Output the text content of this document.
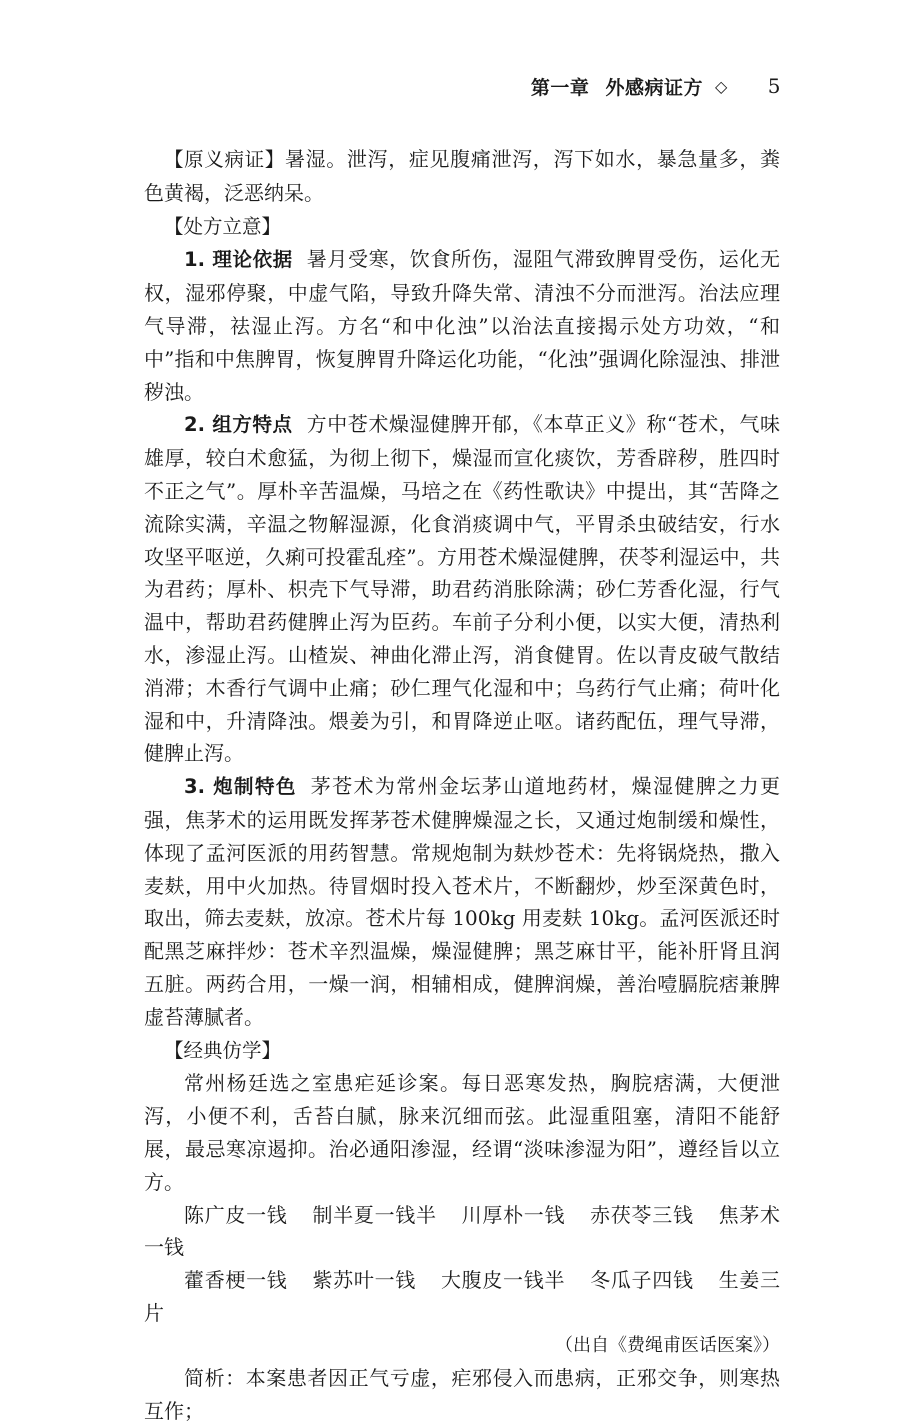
第一章 外感病证方 ◇ 5

【原义病证】暑湿。泄泻，症见腹痛泄泻，泻下如水，暴急量多，粪色黄褐，泛恶纳呆。

【处方立意】

1. 理论依据 暑月受寒，饮食所伤，湿阻气滞致脾胃受伤，运化无权，湿邪停聚，中虚气陷，导致升降失常、清浊不分而泄泻。治法应理气导滞，祛湿止泻。方名“和中化浊”以治法直接揭示处方功效，“和中”指和中焦脾胃，恢复脾胃升降运化功能，“化浊”强调化除湿浊、排泄秽浊。

2. 组方特点 方中苍术燥湿健脾开郁，《本草正义》称“苍术，气味雄厚，较白术愈猛，为彻上彻下，燥湿而宣化痰饮，芳香辟秽，胜四时不正之气”。厚朴辛苦温燥，马培之在《药性歌诀》中提出，其“苦降之流除实满，辛温之物解湿源，化食消痰调中气，平胃杀虫破结安，行水攻坚平呕逆，久痢可投霍乱痊”。方用苍术燥湿健脾，茯苓利湿运中，共为君药；厚朴、枳壳下气导滞，助君药消胀除满；砂仁芳香化湿，行气温中，帮助君药健脾止泻为臣药。车前子分利小便，以实大便，清热利水，渗湿止泻。山楂炭、神曲化滞止泻，消食健胃。佐以青皮破气散结消滞；木香行气调中止痛；砂仁理气化湿和中；乌药行气止痛；荷叶化湿和中，升清降浊。煨姜为引，和胃降逆止呕。诸药配伍，理气导滞，健脾止泻。

3. 炮制特色 茅苍术为常州金坛茅山道地药材，燥湿健脾之力更强，焦茅术的运用既发挥茅苍术健脾燥湿之长，又通过炮制缓和燥性，体现了孟河医派的用药智慧。常规炮制为麸炒苍术：先将锅烧热，撒入麦麸，用中火加热。待冒烟时投入苍术片，不断翻炒，炒至深黄色时，取出，筛去麦麸，放凉。苍术片每 100kg 用麦麸 10kg。孟河医派还时配黑芝麻拌炒：苍术辛烈温燥，燥湿健脾；黑芝麻甘平，能补肝肾且润五脏。两药合用，一燥一润，相辅相成，健脾润燥，善治噎膈脘痞兼脾虚苔薄腻者。

【经典仿学】

常州杨廷选之室患疟延诊案。每日恶寒发热，胸脘痞满，大便泄泻，小便不利，舌苔白腻，脉来沉细而弦。此湿重阻塞，清阳不能舒展，最忌寒凉遏抑。治必通阳渗湿，经谓“淡味渗湿为阳”，遵经旨以立方。

陈广皮一钱 制半夏一钱半 川厚朴一钱 赤茯苓三钱 焦茅术一钱

藿香梗一钱 紫苏叶一钱 大腹皮一钱半 冬瓜子四钱 生姜三片

（出自《费绳甫医话医案》）

简析：本案患者因正气亏虚，疟邪侵入而患病，正邪交争，则寒热互作；
